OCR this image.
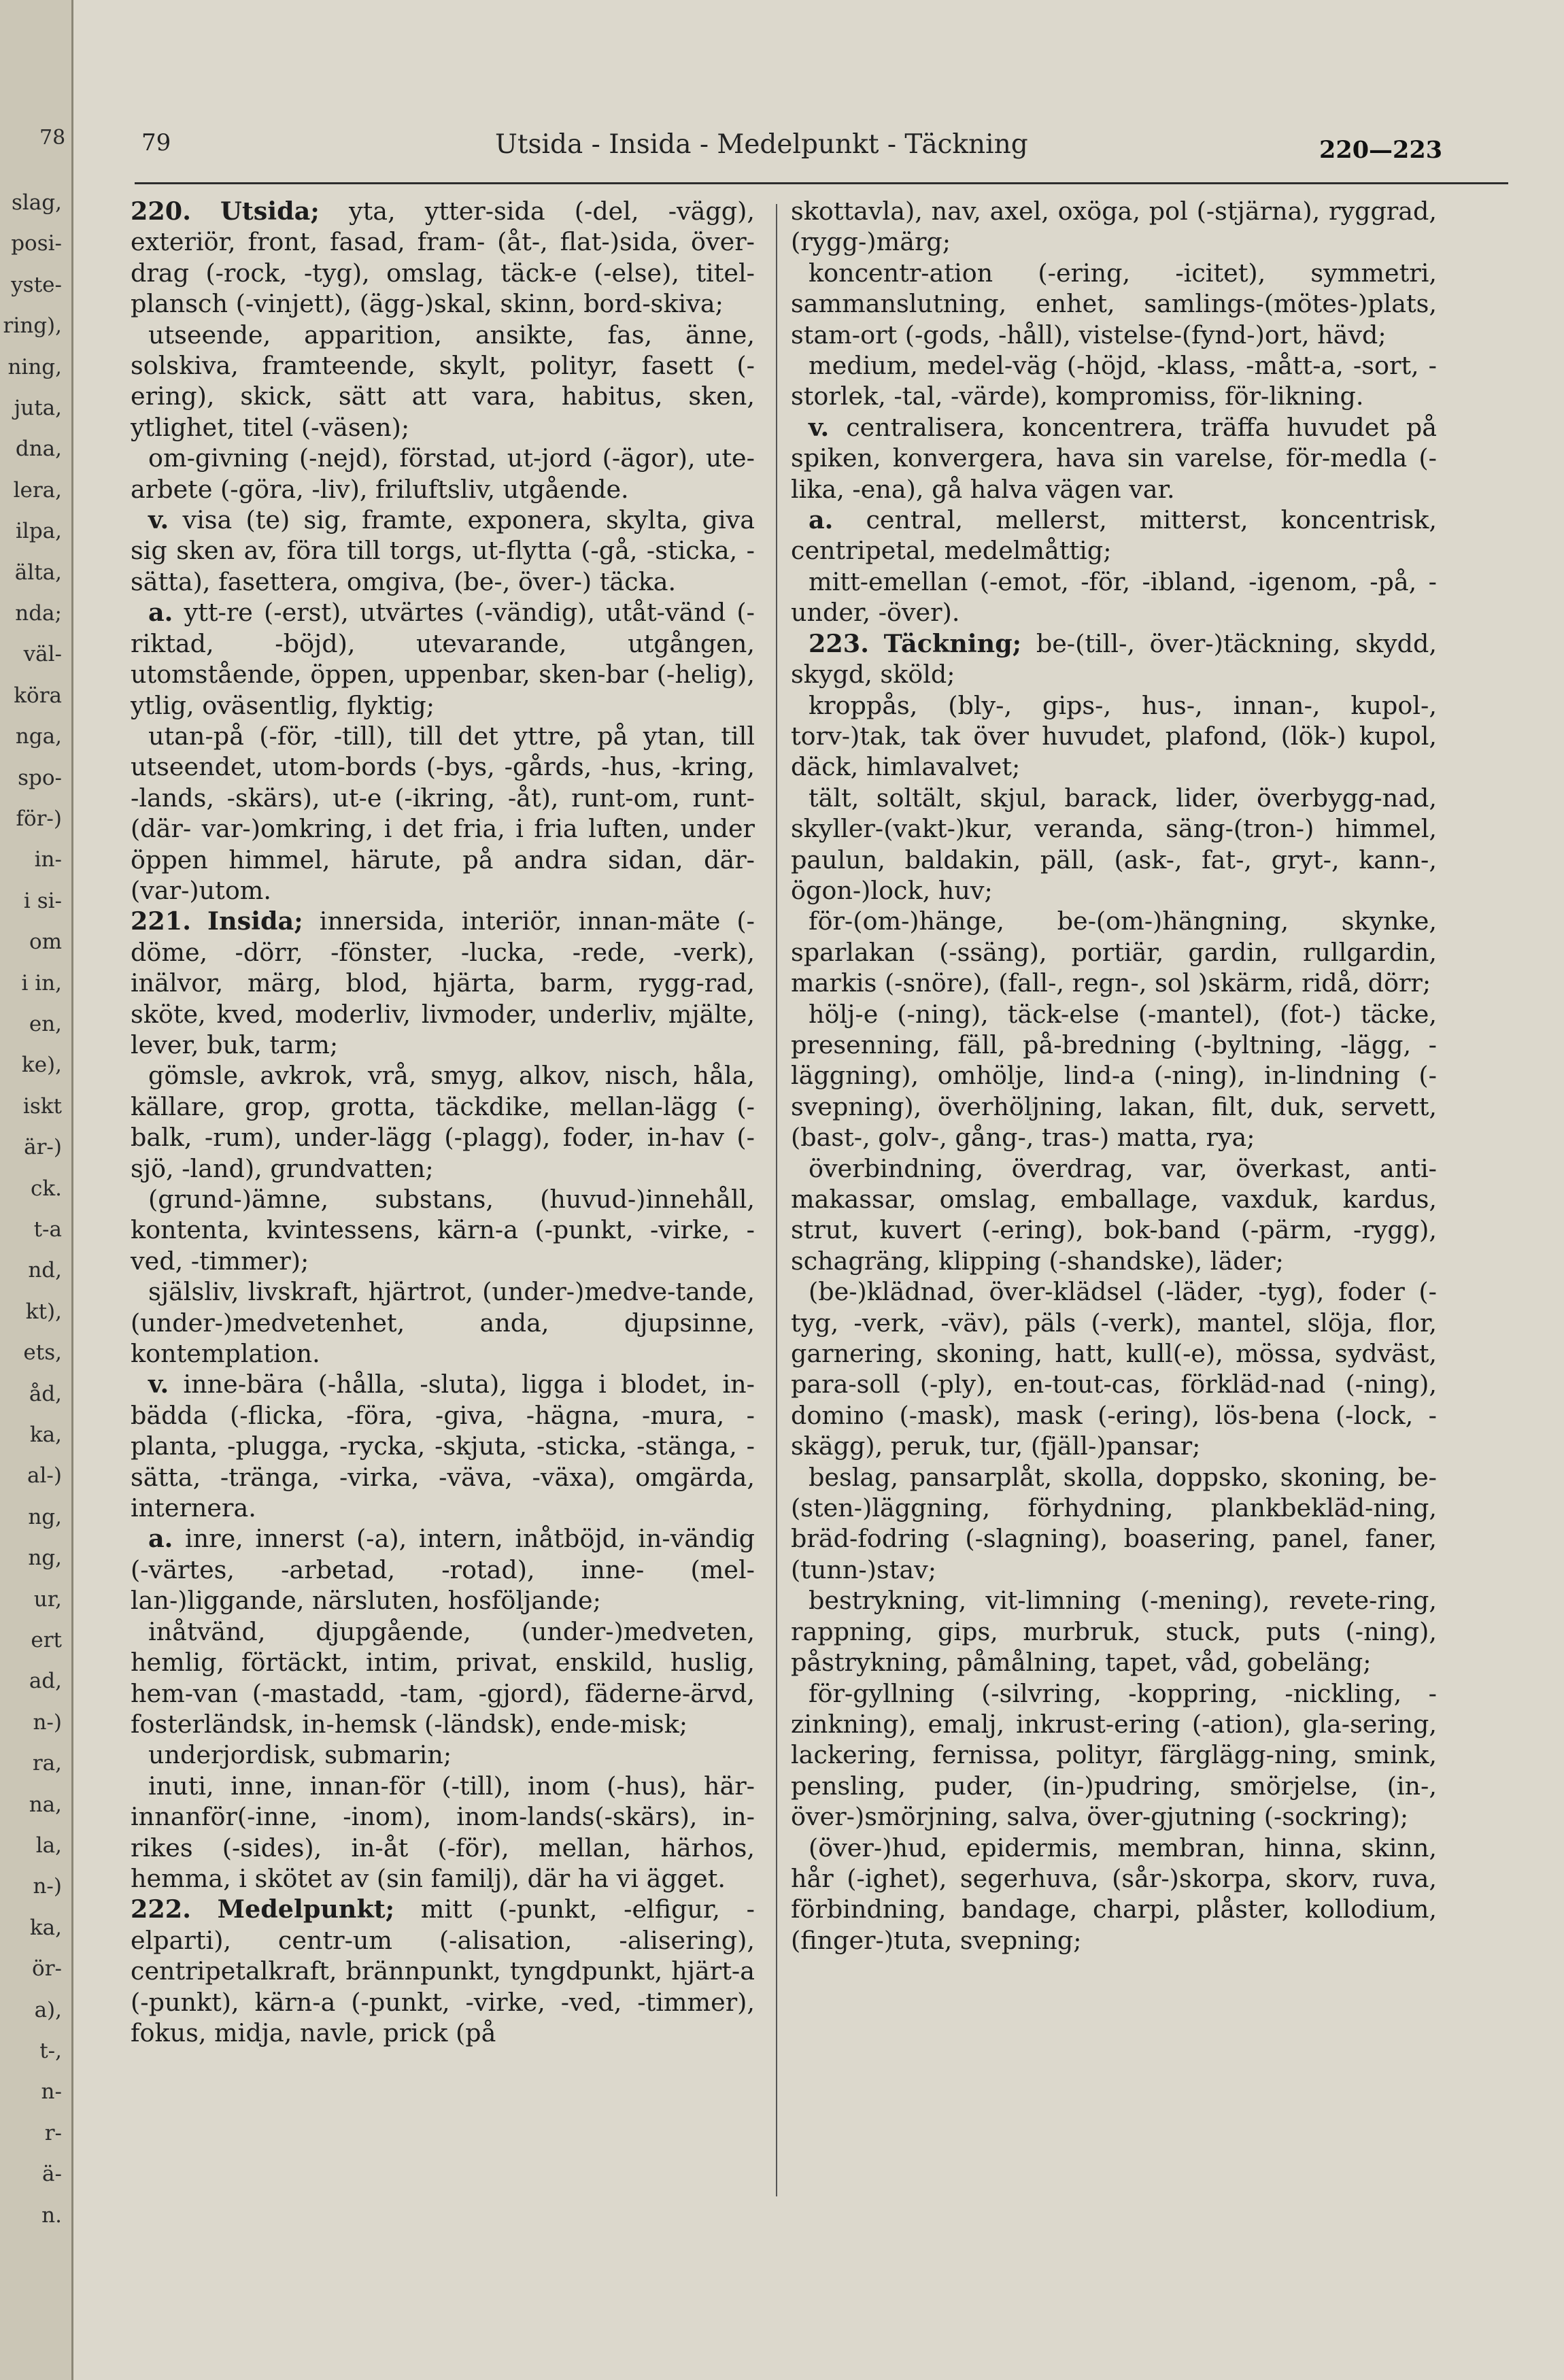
78
slag,
posi-
yste-
ring),
ning,
juta,
dna,
lera,
ilpa,
älta,
nda;
väl-
köra
nga,
spo-
för-)
in-
i si-
om
i in,
en,
ke),
iskt
är-)
ck.
t-a
nd,
kt),
ets,
åd,
ka,
al-)
ng,
ng,
ur,
ert
ad,
n-)
ra,
na,
la,
n-)
ka,
ör-
a),
t-,
n-
r-
ä-
n.
79	Utsida - Insida - Medelpunkt - Täckning	220—223

220. Utsida; yta, ytter-sida (-del, -vägg), exteriör, front, fasad, fram- (åt-, flat-)sida, över-drag (-rock, -tyg), omslag, täck-e (-else), titel-plansch (-vinjett), (ägg-)skal, skinn, bord-skiva;

utseende, apparition, ansikte, fas, änne, solskiva, framteende, skylt, polityr, fasett (-ering), skick, sätt att vara, habitus, sken, ytlighet, titel (-väsen);

om-givning (-nejd), förstad, ut-jord (-ägor), ute-arbete (-göra, -liv), friluftsliv, utgående.

v. visa (te) sig, framte, exponera, skylta, giva sig sken av, föra till torgs, ut-flytta (-gå, -sticka, -sätta), fasettera, omgiva, (be-, över-) täcka.

a. ytt-re (-erst), utvärtes (-vändig), utåt-vänd (-riktad, -böjd), utevarande, utgången, utomstående, öppen, uppenbar, sken-bar (-helig), ytlig, oväsentlig, flyktig;

utan-på (-för, -till), till det yttre, på ytan, till utseendet, utom-bords (-bys, -gårds, -hus, -kring, -lands, -skärs), ut-e (-ikring, -åt), runt-om, runt-(där- var-)omkring, i det fria, i fria luften, under öppen himmel, härute, på andra sidan, där-(var-)utom.

221. Insida; innersida, interiör, innan-mäte (-döme, -dörr, -fönster, -lucka, -rede, -verk), inälvor, märg, blod, hjärta, barm, rygg-rad, sköte, kved, moderliv, livmoder, underliv, mjälte, lever, buk, tarm;

gömsle, avkrok, vrå, smyg, alkov, nisch, håla, källare, grop, grotta, täckdike, mellan-lägg (-balk, -rum), under-lägg (-plagg), foder, in-hav (-sjö, -land), grundvatten;

(grund-)ämne, substans, (huvud-)innehåll, kontenta, kvintessens, kärn-a (-punkt, -virke, -ved, -timmer);

själsliv, livskraft, hjärtrot, (under-)medve-tande, (under-)medvetenhet, anda, djupsinne, kontemplation.

v. inne-bära (-hålla, -sluta), ligga i blodet, in-bädda (-flicka, -föra, -giva, -hägna, -mura, -planta, -plugga, -rycka, -skjuta, -sticka, -stänga, -sätta, -tränga, -virka, -väva, -växa), omgärda, internera.

a. inre, innerst (-a), intern, inåtböjd, in-vändig (-värtes, -arbetad, -rotad), inne- (mel-lan-)liggande, närsluten, hosföljande;

inåtvänd, djupgående, (under-)medveten, hemlig, förtäckt, intim, privat, enskild, huslig, hem-van (-mastadd, -tam, -gjord), fäderne-ärvd, fosterländsk, in-hemsk (-ländsk), ende-misk;

underjordisk, submarin;

inuti, inne, innan-för (-till), inom (-hus), här-innanför(-inne, -inom), inom-lands(-skärs), in-rikes (-sides), in-åt (-för), mellan, härhos, hemma, i skötet av (sin familj), där ha vi ägget.

222. Medelpunkt; mitt (-punkt, -elfigur, -elparti), centr-um (-alisation, -alisering), centripetalkraft, brännpunkt, tyngdpunkt, hjärt-a (-punkt), kärn-a (-punkt, -virke, -ved, -timmer), fokus, midja, navle, prick (på

skottavla), nav, axel, oxöga, pol (-stjärna), ryggrad, (rygg-)märg;

koncentr-ation (-ering, -icitet), symmetri, sammanslutning, enhet, samlings-(mötes-)plats, stam-ort (-gods, -håll), vistelse-(fynd-)ort, hävd;

medium, medel-väg (-höjd, -klass, -mått-a, -sort, -storlek, -tal, -värde), kompromiss, för-likning.

v. centralisera, koncentrera, träffa huvudet på spiken, konvergera, hava sin varelse, för-medla (-lika, -ena), gå halva vägen var.

a. central, mellerst, mitterst, koncentrisk, centripetal, medelmåttig;

mitt-emellan (-emot, -för, -ibland, -igenom, -på, -under, -över).

223. Täckning; be-(till-, över-)täckning, skydd, skygd, sköld;

kroppås, (bly-, gips-, hus-, innan-, kupol-, torv-)tak, tak över huvudet, plafond, (lök-) kupol, däck, himlavalvet;

tält, soltält, skjul, barack, lider, överbygg-nad, skyller-(vakt-)kur, veranda, säng-(tron-) himmel, paulun, baldakin, päll, (ask-, fat-, gryt-, kann-, ögon-)lock, huv;

för-(om-)hänge, be-(om-)hängning, skynke, sparlakan (-ssäng), portiär, gardin, rullgardin, markis (-snöre), (fall-, regn-, sol )skärm, ridå, dörr;

hölj-e (-ning), täck-else (-mantel), (fot-) täcke, presenning, fäll, på-bredning (-byltning, -lägg, -läggning), omhölje, lind-a (-ning), in-lindning (-svepning), överhöljning, lakan, filt, duk, servett, (bast-, golv-, gång-, tras-) matta, rya;

överbindning, överdrag, var, överkast, anti-makassar, omslag, emballage, vaxduk, kardus, strut, kuvert (-ering), bok-band (-pärm, -rygg), schagräng, klipping (-shandske), läder;

(be-)klädnad, över-klädsel (-läder, -tyg), foder (-tyg, -verk, -väv), päls (-verk), mantel, slöja, flor, garnering, skoning, hatt, kull(-e), mössa, sydväst, para-soll (-ply), en-tout-cas, förkläd-nad (-ning), domino (-mask), mask (-ering), lös-bena (-lock, -skägg), peruk, tur, (fjäll-)pansar;

beslag, pansarplåt, skolla, doppsko, skoning, be-(sten-)läggning, förhydning, plankbekläd-ning, bräd-fodring (-slagning), boasering, panel, faner, (tunn-)stav;

bestrykning, vit-limning (-mening), revete-ring, rappning, gips, murbruk, stuck, puts (-ning), påstrykning, påmålning, tapet, våd, gobeläng;

för-gyllning (-silvring, -koppring, -nickling, -zinkning), emalj, inkrust-ering (-ation), gla-sering, lackering, fernissa, polityr, färglägg-ning, smink, pensling, puder, (in-)pudring, smörjelse, (in-, över-)smörjning, salva, över-gjutning (-sockring);

(över-)hud, epidermis, membran, hinna, skinn, hår (-ighet), segerhuva, (sår-)skorpa, skorv, ruva, förbindning, bandage, charpi, plåster, kollodium, (finger-)tuta, svepning;
